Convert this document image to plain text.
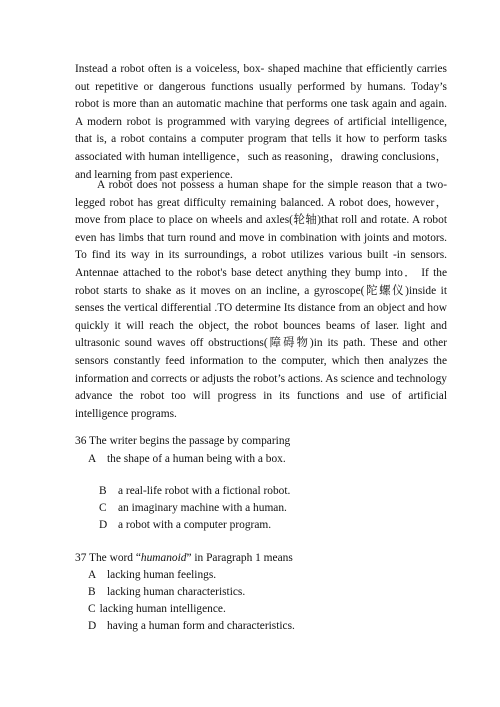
Instead a robot often is a voiceless, box- shaped machine that efficiently carries out repetitive or dangerous functions usually performed by humans. Today’s robot is more than an automatic machine that performs one task again and again. A modern robot is programmed with varying degrees of artificial intelligence, that is, a robot contains a computer program that tells it how to perform tasks associated with human intelligence，such as reasoning，drawing conclusions，and learning from past experience.

A robot does not possess a human shape for the simple reason that a two-legged robot has great difficulty remaining balanced. A robot does, however，move from place to place on wheels and axles(轮轴)that roll and rotate. A robot even has limbs that turn round and move in combination with joints and motors. To find its way in its surroundings, a robot utilizes various built -in sensors. Antennae attached to the robot's base detect anything they bump into． If the robot starts to shake as it moves on an incline, a gyroscope(陀螺仪)inside it senses the vertical differential .TO determine Its distance from an object and how quickly it will reach the object, the robot bounces beams of laser. light and ultrasonic sound waves off obstructions(障碍物)in its path. These and other sensors constantly feed information to the computer, which then analyzes the information and corrects or adjusts the robot’s actions. As science and technology advance the robot too will progress in its functions and use of artificial intelligence programs.

36 The writer begins the passage by comparing

A the shape of a human being with a box.

B a real-life robot with a fictional robot.

C an imaginary machine with a human.

D a robot with a computer program.

37 The word “humanoid” in Paragraph 1 means

A lacking human feelings.

B lacking human characteristics.

C lacking human intelligence.

D having a human form and characteristics.
